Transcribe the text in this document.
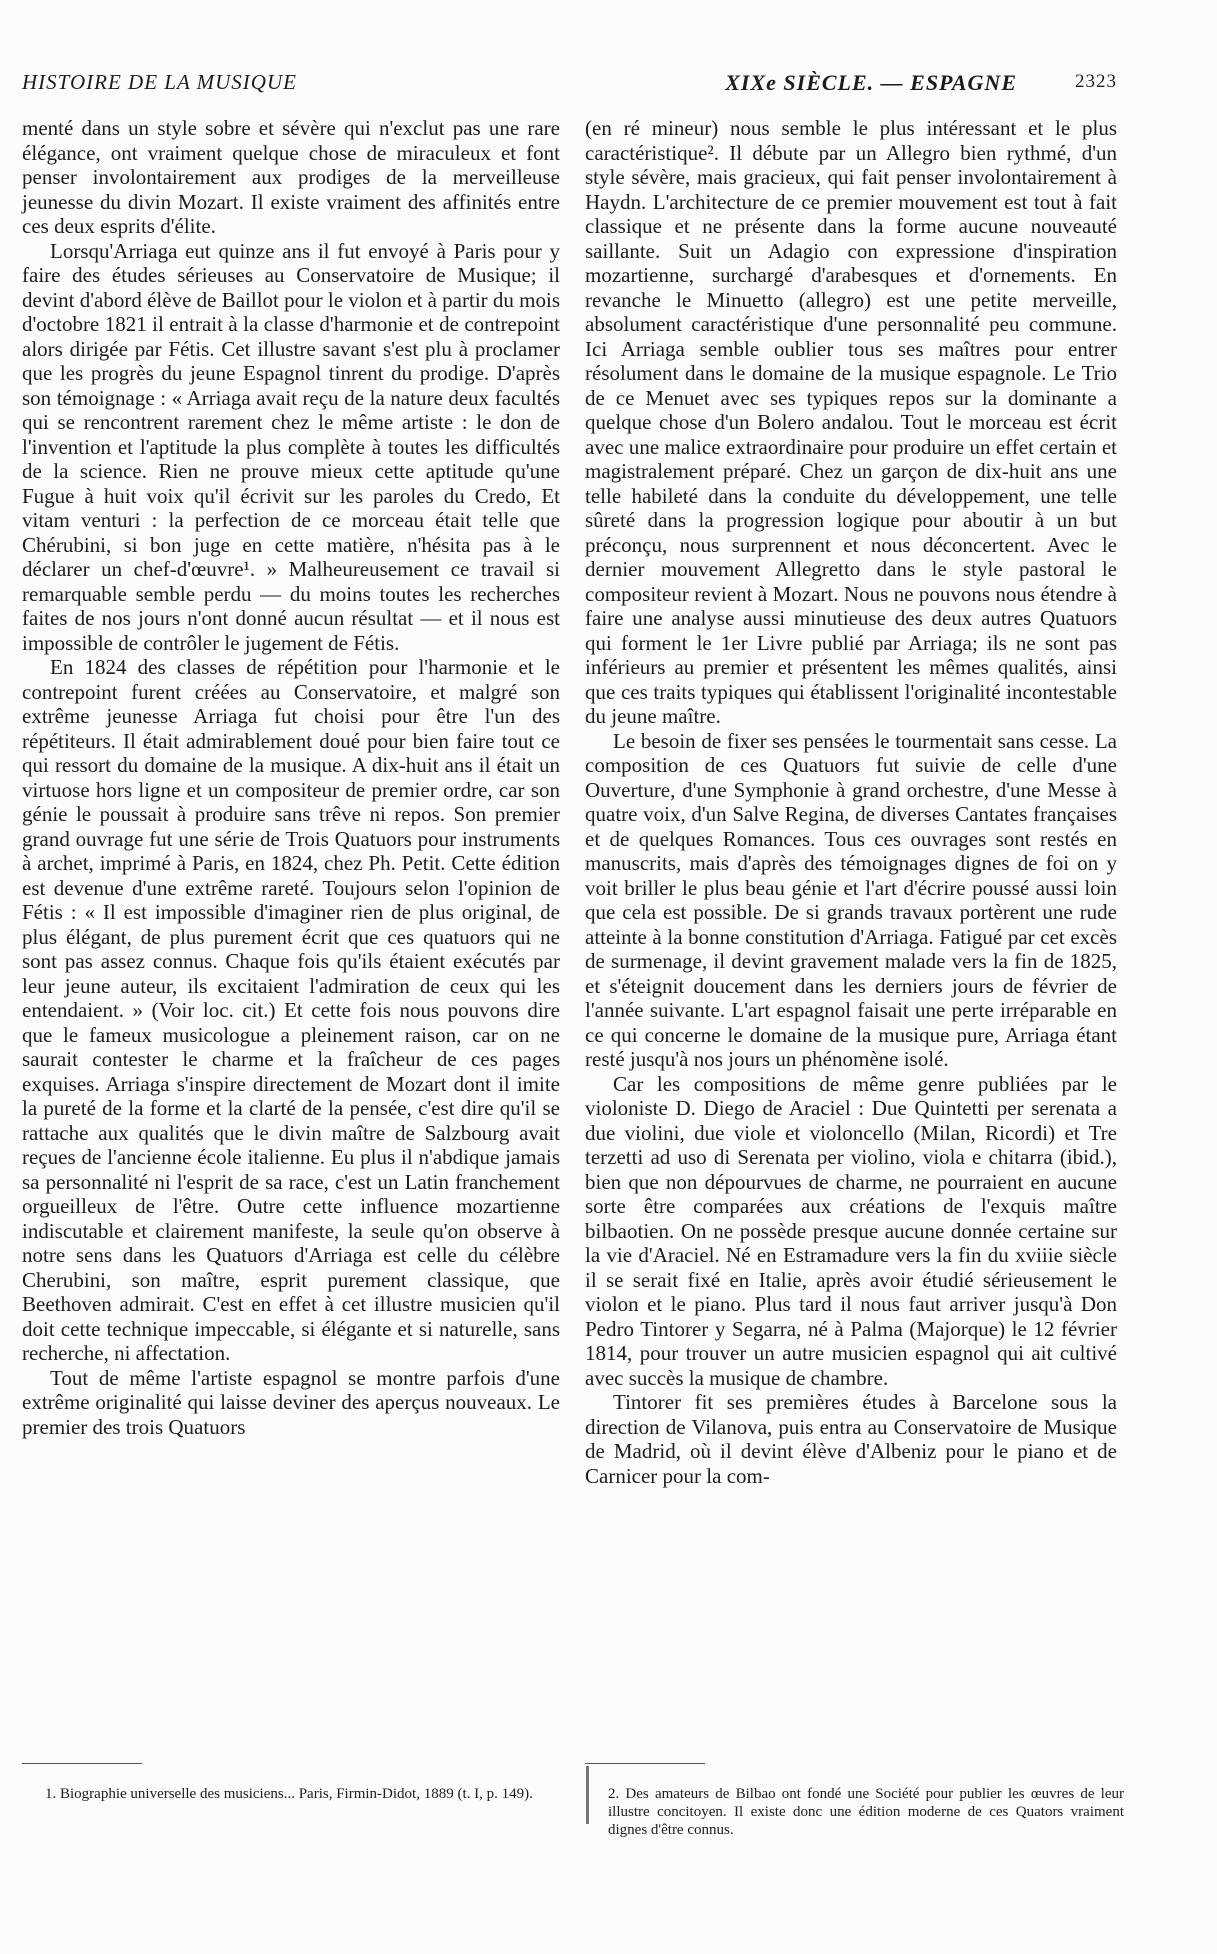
HISTOIRE DE LA MUSIQUE	XIXe SIÈCLE. — ESPAGNE	2323

menté dans un style sobre et sévère qui n'exclut pas une rare élégance, ont vraiment quelque chose de miraculeux et font penser involontairement aux prodiges de la merveilleuse jeunesse du divin Mozart. Il existe vraiment des affinités entre ces deux esprits d'élite.

Lorsqu'Arriaga eut quinze ans il fut envoyé à Paris pour y faire des études sérieuses au Conservatoire de Musique; il devint d'abord élève de Baillot pour le violon et à partir du mois d'octobre 1821 il entrait à la classe d'harmonie et de contrepoint alors dirigée par Fétis. Cet illustre savant s'est plu à proclamer que les progrès du jeune Espagnol tinrent du prodige. D'après son témoignage : « Arriaga avait reçu de la nature deux facultés qui se rencontrent rarement chez le même artiste : le don de l'invention et l'aptitude la plus complète à toutes les difficultés de la science. Rien ne prouve mieux cette aptitude qu'une Fugue à huit voix qu'il écrivit sur les paroles du Credo, Et vitam venturi : la perfection de ce morceau était telle que Chérubini, si bon juge en cette matière, n'hésita pas à le déclarer un chef-d'œuvre¹. » Malheureusement ce travail si remarquable semble perdu — du moins toutes les recherches faites de nos jours n'ont donné aucun résultat — et il nous est impossible de contrôler le jugement de Fétis.

En 1824 des classes de répétition pour l'harmonie et le contrepoint furent créées au Conservatoire, et malgré son extrême jeunesse Arriaga fut choisi pour être l'un des répétiteurs. Il était admirablement doué pour bien faire tout ce qui ressort du domaine de la musique. A dix-huit ans il était un virtuose hors ligne et un compositeur de premier ordre, car son génie le poussait à produire sans trêve ni repos. Son premier grand ouvrage fut une série de Trois Quatuors pour instruments à archet, imprimé à Paris, en 1824, chez Ph. Petit. Cette édition est devenue d'une extrême rareté. Toujours selon l'opinion de Fétis : « Il est impossible d'imaginer rien de plus original, de plus élégant, de plus purement écrit que ces quatuors qui ne sont pas assez connus. Chaque fois qu'ils étaient exécutés par leur jeune auteur, ils excitaient l'admiration de ceux qui les entendaient. » (Voir loc. cit.) Et cette fois nous pouvons dire que le fameux musicologue a pleinement raison, car on ne saurait contester le charme et la fraîcheur de ces pages exquises. Arriaga s'inspire directement de Mozart dont il imite la pureté de la forme et la clarté de la pensée, c'est dire qu'il se rattache aux qualités que le divin maître de Salzbourg avait reçues de l'ancienne école italienne. Eu plus il n'abdique jamais sa personnalité ni l'esprit de sa race, c'est un Latin franchement orgueilleux de l'être. Outre cette influence mozartienne indiscutable et clairement manifeste, la seule qu'on observe à notre sens dans les Quatuors d'Arriaga est celle du célèbre Cherubini, son maître, esprit purement classique, que Beethoven admirait. C'est en effet à cet illustre musicien qu'il doit cette technique impeccable, si élégante et si naturelle, sans recherche, ni affectation.

Tout de même l'artiste espagnol se montre parfois d'une extrême originalité qui laisse deviner des aperçus nouveaux. Le premier des trois Quatuors

(en ré mineur) nous semble le plus intéressant et le plus caractéristique². Il débute par un Allegro bien rythmé, d'un style sévère, mais gracieux, qui fait penser involontairement à Haydn. L'architecture de ce premier mouvement est tout à fait classique et ne présente dans la forme aucune nouveauté saillante. Suit un Adagio con expressione d'inspiration mozartienne, surchargé d'arabesques et d'ornements. En revanche le Minuetto (allegro) est une petite merveille, absolument caractéristique d'une personnalité peu commune. Ici Arriaga semble oublier tous ses maîtres pour entrer résolument dans le domaine de la musique espagnole. Le Trio de ce Menuet avec ses typiques repos sur la dominante a quelque chose d'un Bolero andalou. Tout le morceau est écrit avec une malice extraordinaire pour produire un effet certain et magistralement préparé. Chez un garçon de dix-huit ans une telle habileté dans la conduite du développement, une telle sûreté dans la progression logique pour aboutir à un but préconçu, nous surprennent et nous déconcertent. Avec le dernier mouvement Allegretto dans le style pastoral le compositeur revient à Mozart. Nous ne pouvons nous étendre à faire une analyse aussi minutieuse des deux autres Quatuors qui forment le 1er Livre publié par Arriaga; ils ne sont pas inférieurs au premier et présentent les mêmes qualités, ainsi que ces traits typiques qui établissent l'originalité incontestable du jeune maître.

Le besoin de fixer ses pensées le tourmentait sans cesse. La composition de ces Quatuors fut suivie de celle d'une Ouverture, d'une Symphonie à grand orchestre, d'une Messe à quatre voix, d'un Salve Regina, de diverses Cantates françaises et de quelques Romances. Tous ces ouvrages sont restés en manuscrits, mais d'après des témoignages dignes de foi on y voit briller le plus beau génie et l'art d'écrire poussé aussi loin que cela est possible. De si grands travaux portèrent une rude atteinte à la bonne constitution d'Arriaga. Fatigué par cet excès de surmenage, il devint gravement malade vers la fin de 1825, et s'éteignit doucement dans les derniers jours de février de l'année suivante. L'art espagnol faisait une perte irréparable en ce qui concerne le domaine de la musique pure, Arriaga étant resté jusqu'à nos jours un phénomène isolé.

Car les compositions de même genre publiées par le violoniste D. Diego de Araciel : Due Quintetti per serenata a due violini, due viole et violoncello (Milan, Ricordi) et Tre terzetti ad uso di Serenata per violino, viola e chitarra (ibid.), bien que non dépourvues de charme, ne pourraient en aucune sorte être comparées aux créations de l'exquis maître bilbaotien. On ne possède presque aucune donnée certaine sur la vie d'Araciel. Né en Estramadure vers la fin du xviiie siècle il se serait fixé en Italie, après avoir étudié sérieusement le violon et le piano. Plus tard il nous faut arriver jusqu'à Don Pedro Tintorer y Segarra, né à Palma (Majorque) le 12 février 1814, pour trouver un autre musicien espagnol qui ait cultivé avec succès la musique de chambre.

Tintorer fit ses premières études à Barcelone sous la direction de Vilanova, puis entra au Conservatoire de Musique de Madrid, où il devint élève d'Albeniz pour le piano et de Carnicer pour la com-

1. Biographie universelle des musiciens... Paris, Firmin-Didot, 1889 (t. I, p. 149).	2. Des amateurs de Bilbao ont fondé une Société pour publier les œuvres de leur illustre concitoyen. Il existe donc une édition moderne de ces Quators vraiment dignes d'être connus.
